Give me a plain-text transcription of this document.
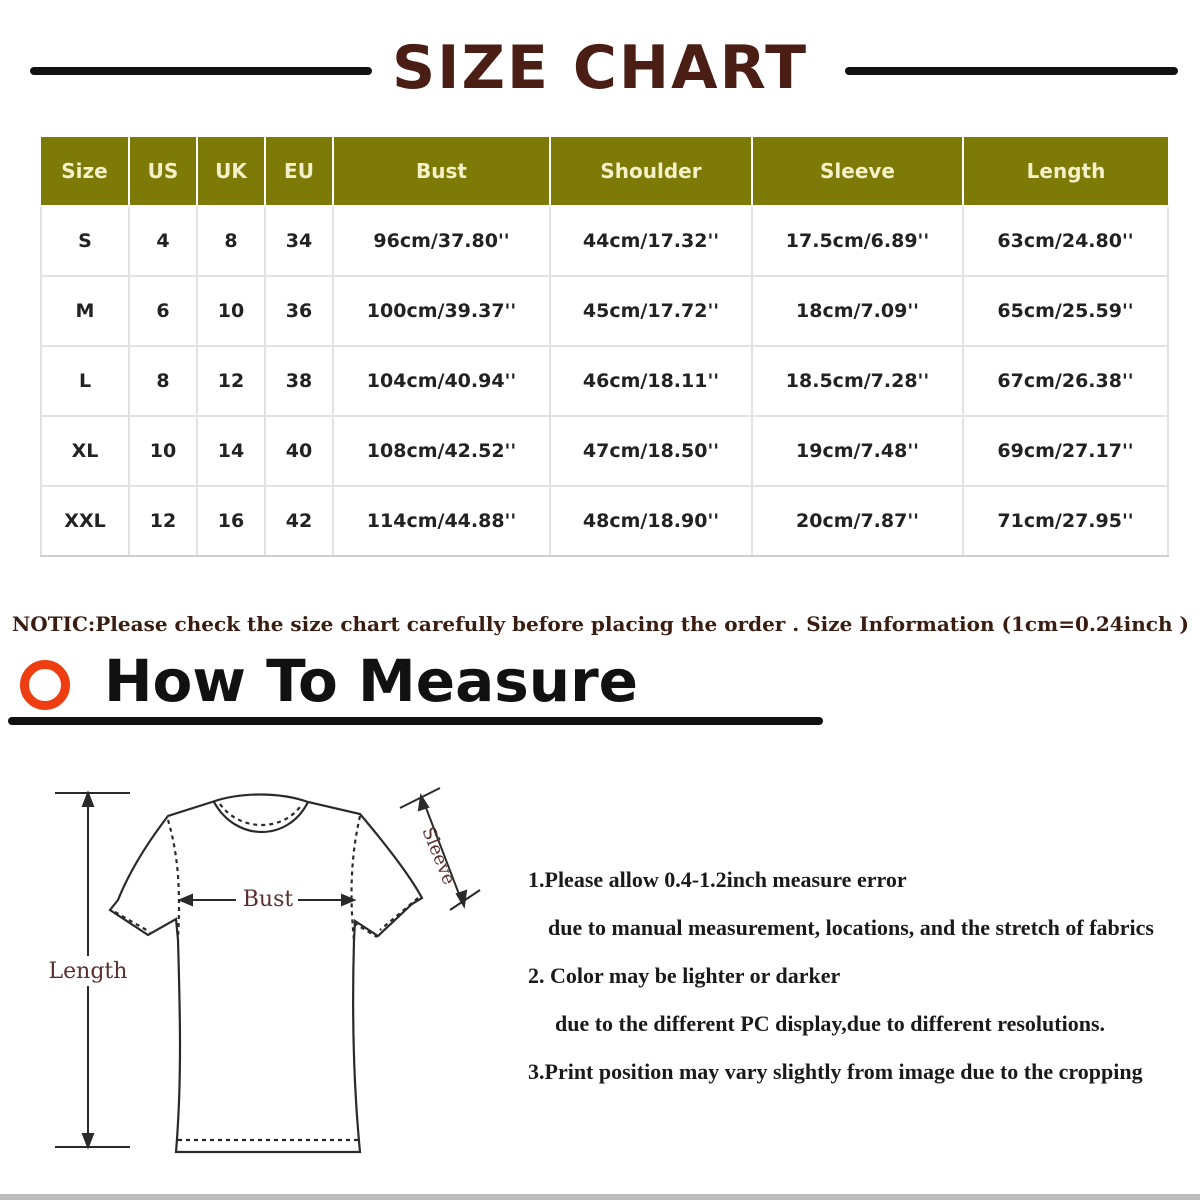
SIZE CHART
Size	US	UK	EU	Bust	Shoulder	Sleeve	Length
S	4	8	34	96cm/37.80''	44cm/17.32''	17.5cm/6.89''	63cm/24.80''
M	6	10	36	100cm/39.37''	45cm/17.72''	18cm/7.09''	65cm/25.59''
L	8	12	38	104cm/40.94''	46cm/18.11''	18.5cm/7.28''	67cm/26.38''
XL	10	14	40	108cm/42.52''	47cm/18.50''	19cm/7.48''	69cm/27.17''
XXL	12	16	42	114cm/44.88''	48cm/18.90''	20cm/7.87''	71cm/27.95''
NOTIC:Please check the size chart carefully before placing the order . Size Information (1cm=0.24inch )
How To Measure
Length
Bust
Sleeve	1.Please allow 0.4-1.2inch measure error
due to manual measurement, locations, and the stretch of fabrics
2. Color may be lighter or darker
due to the different PC display,due to different resolutions.
3.Print position may vary slightly from image due to the cropping
